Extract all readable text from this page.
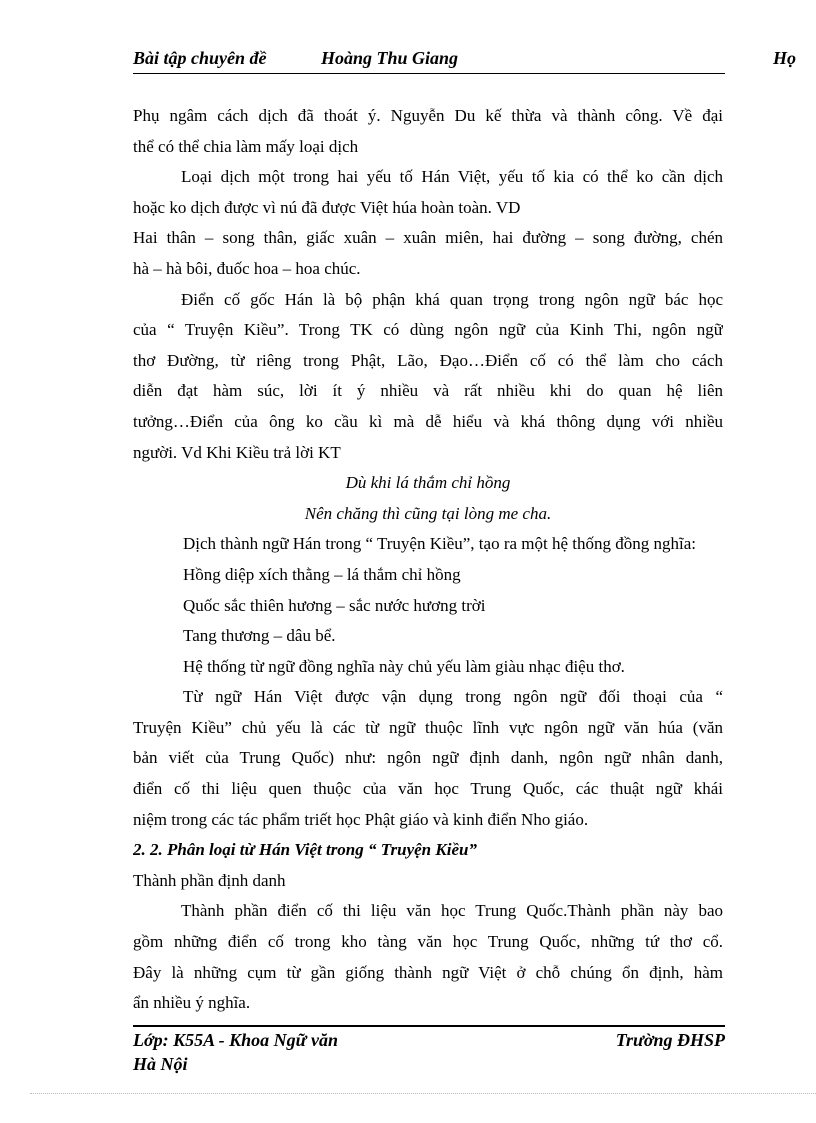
Bài tập chuyên đề	Hoàng Thu Giang	Họ
Phụ ngâm cách dịch đã thoát ý. Nguyễn Du kế thừa và thành công. Về đại
thể có thể chia làm mấy loại dịch
Loại dịch một trong hai yếu tố Hán Việt, yếu tố kia có thể ko cần dịch
hoặc ko dịch được vì nú đã được Việt húa hoàn toàn. VD
Hai thân – song thân, giấc xuân – xuân miên, hai đường – song đường, chén
hà – hà bôi, đuốc hoa – hoa chúc.
Điển cố gốc Hán là bộ phận khá quan trọng trong ngôn ngữ bác học
của “ Truyện Kiều”. Trong TK có dùng ngôn ngữ của Kinh Thi, ngôn ngữ
thơ Đường, từ riêng trong Phật, Lão, Đạo…Điển cố có thể làm cho cách
diễn đạt hàm súc, lời ít ý nhiều và rất nhiều khi do quan hệ liên
tưởng…Điển của ông ko cầu kì mà dễ hiểu và khá thông dụng với nhiều
người. Vd Khi Kiều trả lời KT
Dù khi lá thắm chỉ hồng
Nên chăng thì cũng tại lòng me cha.
Dịch thành ngữ Hán trong “ Truyện Kiều”, tạo ra một hệ thống đồng nghĩa:
Hồng diệp xích thằng – lá thắm chỉ hồng
Quốc sắc thiên hương – sắc nước hương trời
Tang thương – dâu bể.
Hệ thống từ ngữ đồng nghĩa này chủ yếu làm giàu nhạc điệu thơ.
Từ ngữ Hán Việt được vận dụng trong ngôn ngữ đối thoại của “
Truyện Kiều” chủ yếu là các từ ngữ thuộc lĩnh vực ngôn ngữ văn húa (văn
bản viết của Trung Quốc) như: ngôn ngữ định danh, ngôn ngữ nhân danh,
điển cố thi liệu quen thuộc của văn học Trung Quốc, các thuật ngữ khái
niệm trong các tác phẩm triết học Phật giáo và kinh điển Nho giáo.
2. 2. Phân loại từ Hán Việt trong “ Truyện Kiều”
Thành phần định danh
Thành phần điển cố thi liệu văn học Trung Quốc.Thành phần này bao
gồm những điển cố trong kho tàng văn học Trung Quốc, những tứ thơ cổ.
Đây là những cụm từ gần giống thành ngữ Việt ở chỗ chúng ổn định, hàm
ẩn nhiều ý nghĩa.
Lớp: K55A - Khoa Ngữ văn	Trường ĐHSP
Hà Nội
